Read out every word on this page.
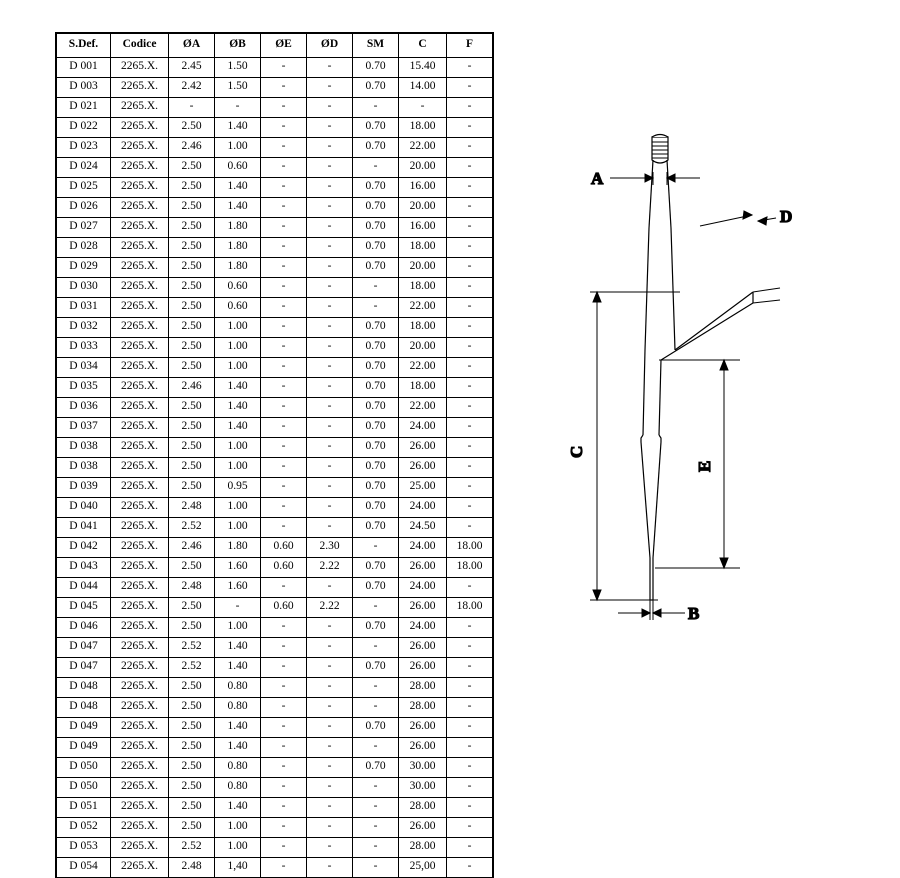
S.Def.	Codice	ØA	ØB	ØE	ØD	SM	C	F
D 001	2265.X.	2.45	1.50	-	-	0.70	15.40	-
D 003	2265.X.	2.42	1.50	-	-	0.70	14.00	-
D 021	2265.X.	-	-	-	-	-	-	-
D 022	2265.X.	2.50	1.40	-	-	0.70	18.00	-
D 023	2265.X.	2.46	1.00	-	-	0.70	22.00	-
D 024	2265.X.	2.50	0.60	-	-	-	20.00	-
D 025	2265.X.	2.50	1.40	-	-	0.70	16.00	-
D 026	2265.X.	2.50	1.40	-	-	0.70	20.00	-
D 027	2265.X.	2.50	1.80	-	-	0.70	16.00	-
D 028	2265.X.	2.50	1.80	-	-	0.70	18.00	-
D 029	2265.X.	2.50	1.80	-	-	0.70	20.00	-
D 030	2265.X.	2.50	0.60	-	-	-	18.00	-
D 031	2265.X.	2.50	0.60	-	-	-	22.00	-
D 032	2265.X.	2.50	1.00	-	-	0.70	18.00	-
D 033	2265.X.	2.50	1.00	-	-	0.70	20.00	-
D 034	2265.X.	2.50	1.00	-	-	0.70	22.00	-
D 035	2265.X.	2.46	1.40	-	-	0.70	18.00	-
D 036	2265.X.	2.50	1.40	-	-	0.70	22.00	-
D 037	2265.X.	2.50	1.40	-	-	0.70	24.00	-
D 038	2265.X.	2.50	1.00	-	-	0.70	26.00	-
D 038	2265.X.	2.50	1.00	-	-	0.70	26.00	-
D 039	2265.X.	2.50	0.95	-	-	0.70	25.00	-
D 040	2265.X.	2.48	1.00	-	-	0.70	24.00	-
D 041	2265.X.	2.52	1.00	-	-	0.70	24.50	-
D 042	2265.X.	2.46	1.80	0.60	2.30	-	24.00	18.00
D 043	2265.X.	2.50	1.60	0.60	2.22	0.70	26.00	18.00
D 044	2265.X.	2.48	1.60	-	-	0.70	24.00	-
D 045	2265.X.	2.50	-	0.60	2.22	-	26.00	18.00
D 046	2265.X.	2.50	1.00	-	-	0.70	24.00	-
D 047	2265.X.	2.52	1.40	-	-	-	26.00	-
D 047	2265.X.	2.52	1.40	-	-	0.70	26.00	-
D 048	2265.X.	2.50	0.80	-	-	-	28.00	-
D 048	2265.X.	2.50	0.80	-	-	-	28.00	-
D 049	2265.X.	2.50	1.40	-	-	0.70	26.00	-
D 049	2265.X.	2.50	1.40	-	-	-	26.00	-
D 050	2265.X.	2.50	0.80	-	-	0.70	30.00	-
D 050	2265.X.	2.50	0.80	-	-	-	30.00	-
D 051	2265.X.	2.50	1.40	-	-	-	28.00	-
D 052	2265.X.	2.50	1.00	-	-	-	26.00	-
D 053	2265.X.	2.52	1.00	-	-	-	28.00	-
D 054	2265.X.	2.48	1,40	-	-	-	25,00	-
A
D
C
E
B
